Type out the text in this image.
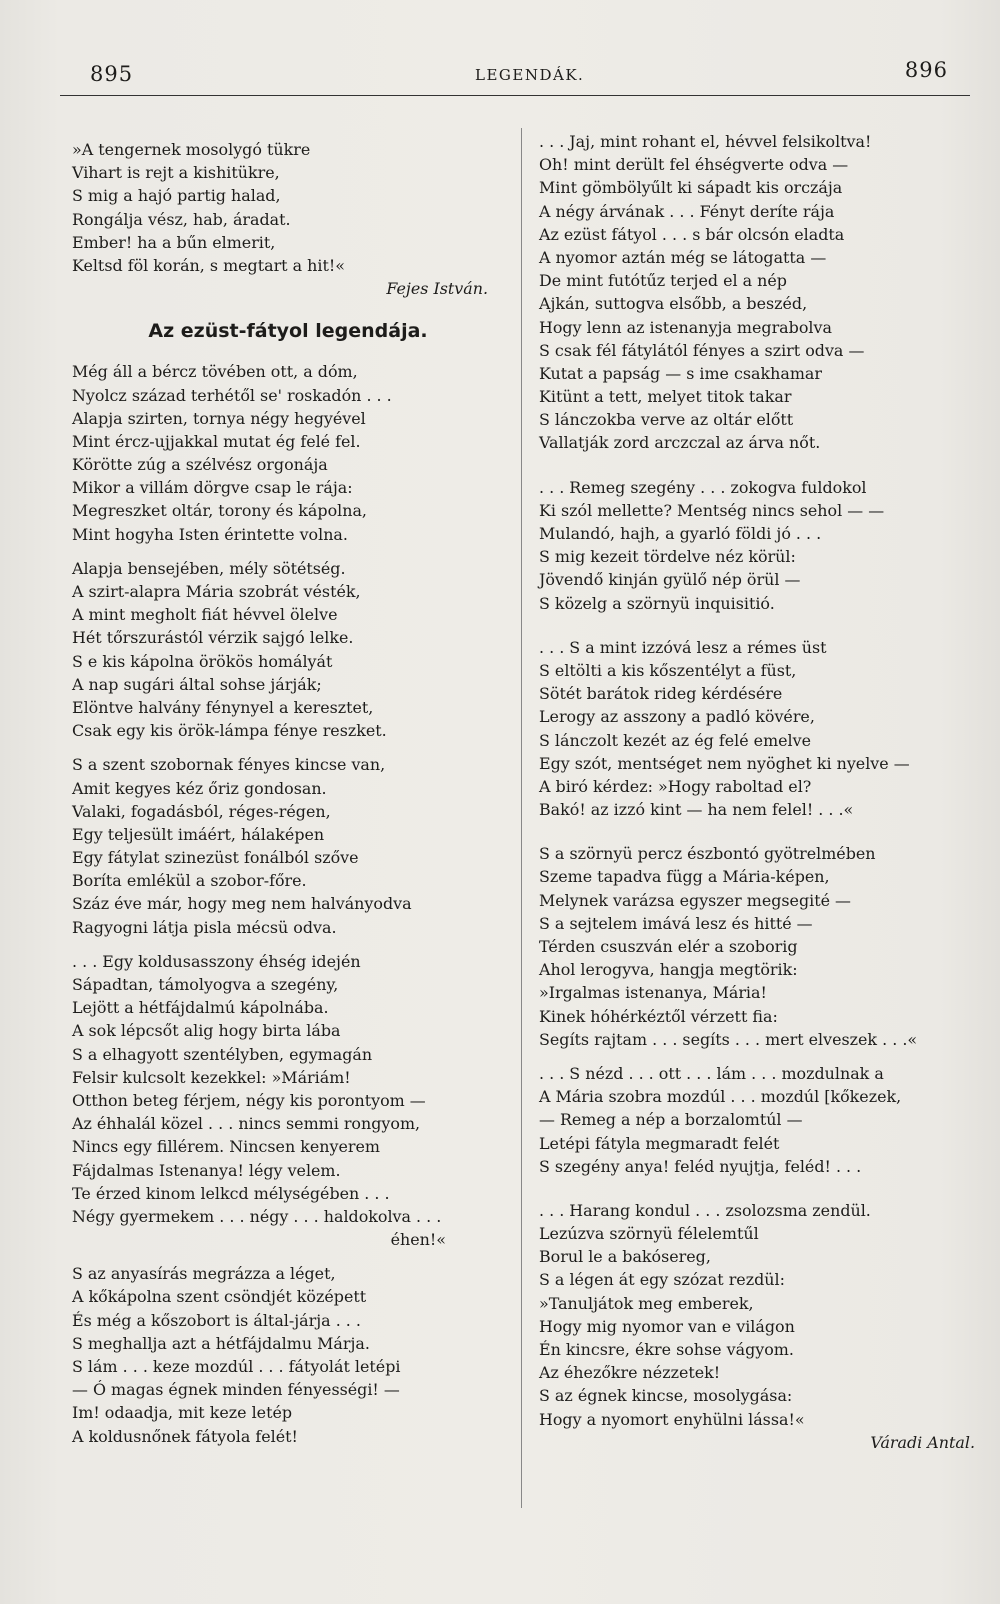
895	LEGENDÁK.	896
»A tengernek mosolygó tükre
Vihart is rejt a kishitükre,
S mig a hajó partig halad,
Rongálja vész, hab, áradat.
Ember! ha a bűn elmerit,
Keltsd föl korán, s megtart a hit!«
Fejes István.
Az ezüst-fátyol legendája.
Még áll a bércz tövében ott, a dóm,
Nyolcz század terhétől se' roskadón . . .
Alapja szirten, tornya négy hegyével
Mint ércz-ujjakkal mutat ég felé fel.
Körötte zúg a szélvész orgonája
Mikor a villám dörgve csap le rája:
Megreszket oltár, torony és kápolna,
Mint hogyha Isten érintette volna.
Alapja bensejében, mély sötétség.
A szirt-alapra Mária szobrát vésték,
A mint megholt fiát hévvel ölelve
Hét tőrszurástól vérzik sajgó lelke.
S e kis kápolna örökös homályát
A nap sugári által sohse járják;
Elöntve halvány fénynyel a keresztet,
Csak egy kis örök-lámpa fénye reszket.
S a szent szobornak fényes kincse van,
Amit kegyes kéz őriz gondosan.
Valaki, fogadásból, réges-régen,
Egy teljesült imáért, hálaképen
Egy fátylat szinezüst fonálból szőve
Boríta emlékül a szobor-főre.
Száz éve már, hogy meg nem halványodva
Ragyogni látja pisla mécsü odva.
. . . Egy koldusasszony éhség idején
Sápadtan, támolyogva a szegény,
Lejött a hétfájdalmú kápolnába.
A sok lépcsőt alig hogy birta lába
S a elhagyott szentélyben, egymagán
Felsir kulcsolt kezekkel: »Máriám!
Otthon beteg férjem, négy kis porontyom —
Az éhhalál közel . . . nincs semmi rongyom,
Nincs egy fillérem. Nincsen kenyerem
Fájdalmas Istenanya! légy velem.
Te érzed kinom lelkcd mélységében . . .
Négy gyermekem . . . négy . . . haldokolva . . .
éhen!«
S az anyasírás megrázza a léget,
A kőkápolna szent csöndjét középett
És még a kőszobort is által-járja . . .
S meghallja azt a hétfájdalmu Márja.
S lám . . . keze mozdúl . . . fátyolát letépi
— Ó magas égnek minden fényességi! —
Im! odaadja, mit keze letép
A koldusnőnek fátyola felét!
. . . Jaj, mint rohant el, hévvel felsikoltva!
Oh! mint derült fel éhségverte odva —
Mint gömbölyűlt ki sápadt kis orczája
A négy árvának . . . Fényt deríte rája
Az ezüst fátyol . . . s bár olcsón eladta
A nyomor aztán még se látogatta —
De mint futótűz terjed el a nép
Ajkán, suttogva elsőbb, a beszéd,
Hogy lenn az istenanyja megrabolva
S csak fél fátylától fényes a szirt odva —
Kutat a papság — s ime csakhamar
Kitünt a tett, melyet titok takar
S lánczokba verve az oltár előtt
Vallatják zord arczczal az árva nőt.
. . . Remeg szegény . . . zokogva fuldokol
Ki szól mellette? Mentség nincs sehol — —
Mulandó, hajh, a gyarló földi jó . . .
S mig kezeit tördelve néz körül:
Jövendő kinján gyülő nép örül —
S közelg a szörnyü inquisitió.
. . . S a mint izzóvá lesz a rémes üst
S eltölti a kis kőszentélyt a füst,
Sötét barátok rideg kérdésére
Lerogy az asszony a padló kövére,
S lánczolt kezét az ég felé emelve
Egy szót, mentséget nem nyöghet ki nyelve —
A biró kérdez: »Hogy raboltad el?
Bakó! az izzó kint — ha nem felel! . . .«
S a szörnyü percz észbontó gyötrelmében
Szeme tapadva függ a Mária-képen,
Melynek varázsa egyszer megsegité —
S a sejtelem imává lesz és hitté —
Térden csuszván elér a szoborig
Ahol lerogyva, hangja megtörik:
»Irgalmas istenanya, Mária!
Kinek hóhérkéztől vérzett fia:
Segíts rajtam . . . segíts . . . mert elveszek . . .«
. . . S nézd . . . ott . . . lám . . . mozdulnak a
A Mária szobra mozdúl . . . mozdúl [kőkezek,
— Remeg a nép a borzalomtúl —
Letépi fátyla megmaradt felét
S szegény anya! feléd nyujtja, feléd! . . .
. . . Harang kondul . . . zsolozsma zendül.
Lezúzva szörnyü félelemtűl
Borul le a bakósereg,
S a légen át egy szózat rezdül:
»Tanuljátok meg emberek,
Hogy mig nyomor van e világon
Én kincsre, ékre sohse vágyom.
Az éhezőkre nézzetek!
S az égnek kincse, mosolygása:
Hogy a nyomort enyhülni lássa!«
Váradi Antal.
